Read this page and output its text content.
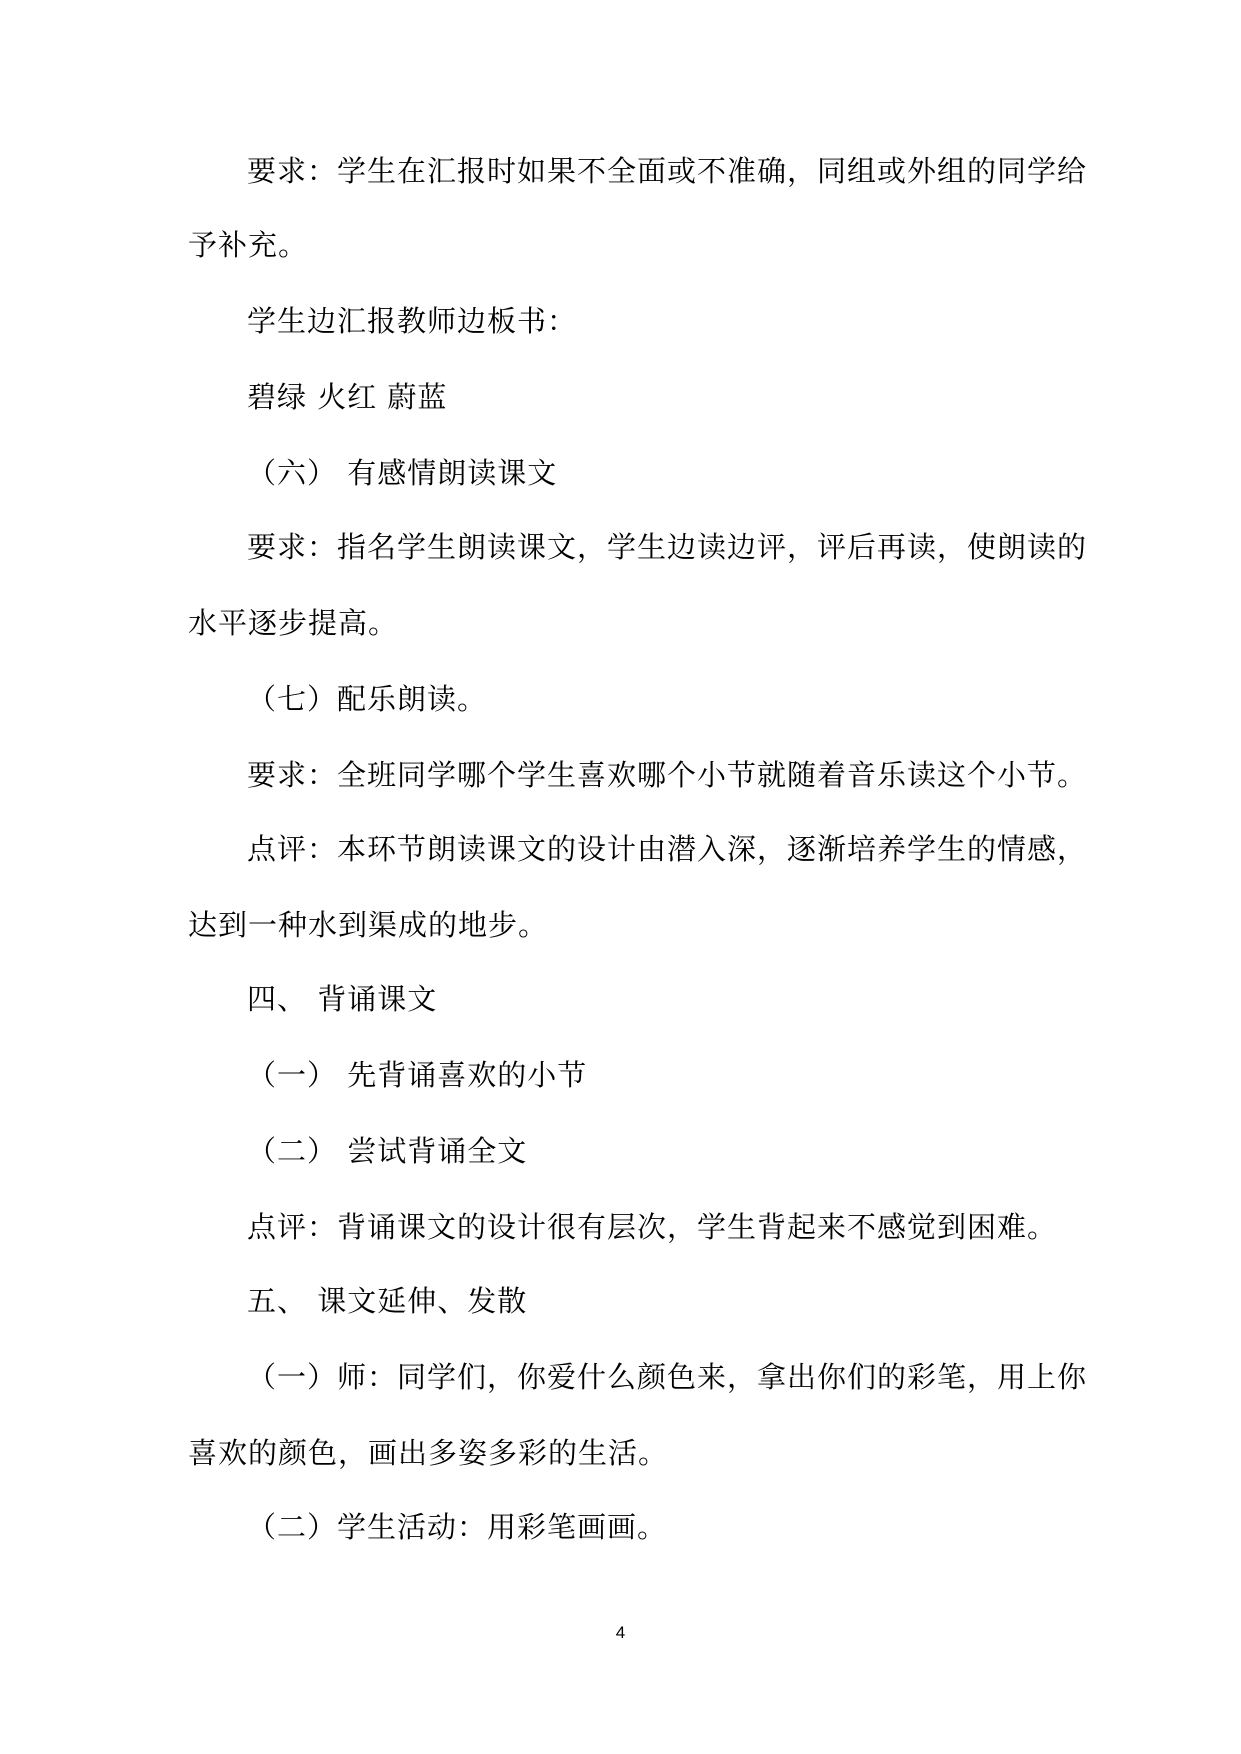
要求：学生在汇报时如果不全面或不准确，同组或外组的同学给
予补充。
学生边汇报教师边板书：
碧绿 火红 蔚蓝
（六） 有感情朗读课文
要求：指名学生朗读课文，学生边读边评，评后再读，使朗读的
水平逐步提高。
（七）配乐朗读。
要求：全班同学哪个学生喜欢哪个小节就随着音乐读这个小节。
点评：本环节朗读课文的设计由潜入深，逐渐培养学生的情感，
达到一种水到渠成的地步。
四、 背诵课文
（一） 先背诵喜欢的小节
（二） 尝试背诵全文
点评：背诵课文的设计很有层次，学生背起来不感觉到困难。
五、 课文延伸、发散
（一）师：同学们，你爱什么颜色来，拿出你们的彩笔，用上你
喜欢的颜色，画出多姿多彩的生活。
（二）学生活动：用彩笔画画。
4
